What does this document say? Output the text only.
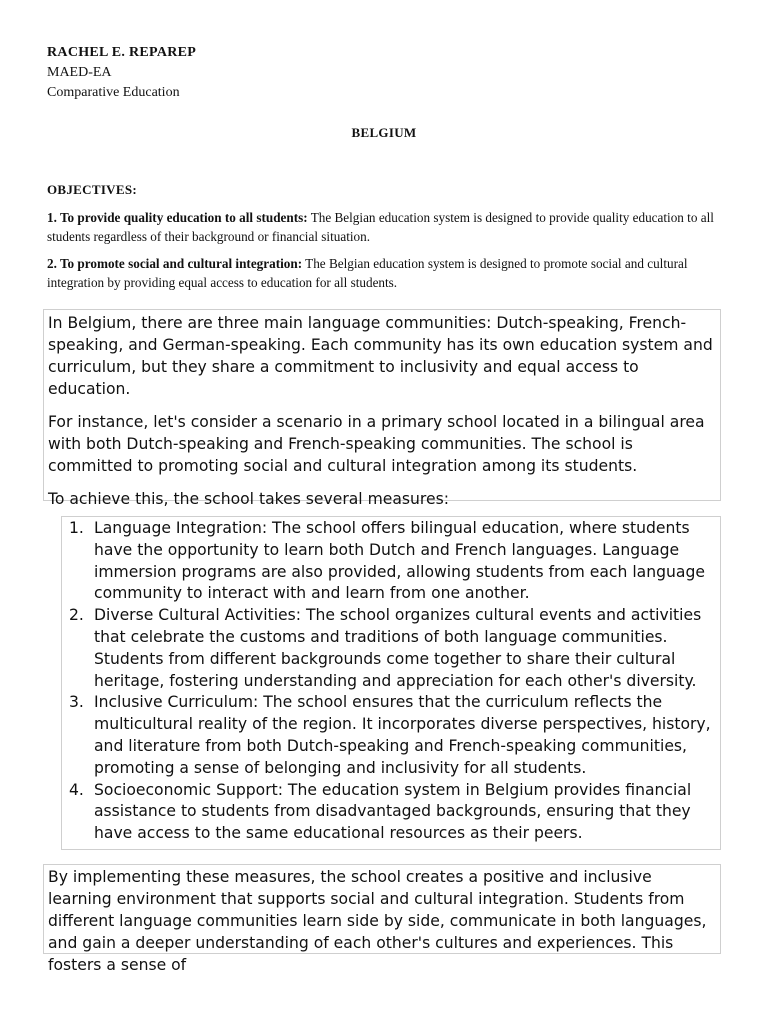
RACHEL E. REPAREP
MAED-EA
Comparative Education
BELGIUM
OBJECTIVES:
1. To provide quality education to all students: The Belgian education system is designed to provide quality education to all students regardless of their background or financial situation.
2. To promote social and cultural integration: The Belgian education system is designed to promote social and cultural integration by providing equal access to education for all students.

In Belgium, there are three main language communities: Dutch-speaking, French-speaking, and German-speaking. Each community has its own education system and curriculum, but they share a commitment to inclusivity and equal access to education.

For instance, let's consider a scenario in a primary school located in a bilingual area with both Dutch-speaking and French-speaking communities. The school is committed to promoting social and cultural integration among its students.

To achieve this, the school takes several measures:

1. Language Integration: The school offers bilingual education, where students have the opportunity to learn both Dutch and French languages. Language immersion programs are also provided, allowing students from each language community to interact with and learn from one another.
2. Diverse Cultural Activities: The school organizes cultural events and activities that celebrate the customs and traditions of both language communities. Students from different backgrounds come together to share their cultural heritage, fostering understanding and appreciation for each other's diversity.
3. Inclusive Curriculum: The school ensures that the curriculum reflects the multicultural reality of the region. It incorporates diverse perspectives, history, and literature from both Dutch-speaking and French-speaking communities, promoting a sense of belonging and inclusivity for all students.
4. Socioeconomic Support: The education system in Belgium provides financial assistance to students from disadvantaged backgrounds, ensuring that they have access to the same educational resources as their peers.

By implementing these measures, the school creates a positive and inclusive learning environment that supports social and cultural integration. Students from different language communities learn side by side, communicate in both languages, and gain a deeper understanding of each other's cultures and experiences. This fosters a sense of
